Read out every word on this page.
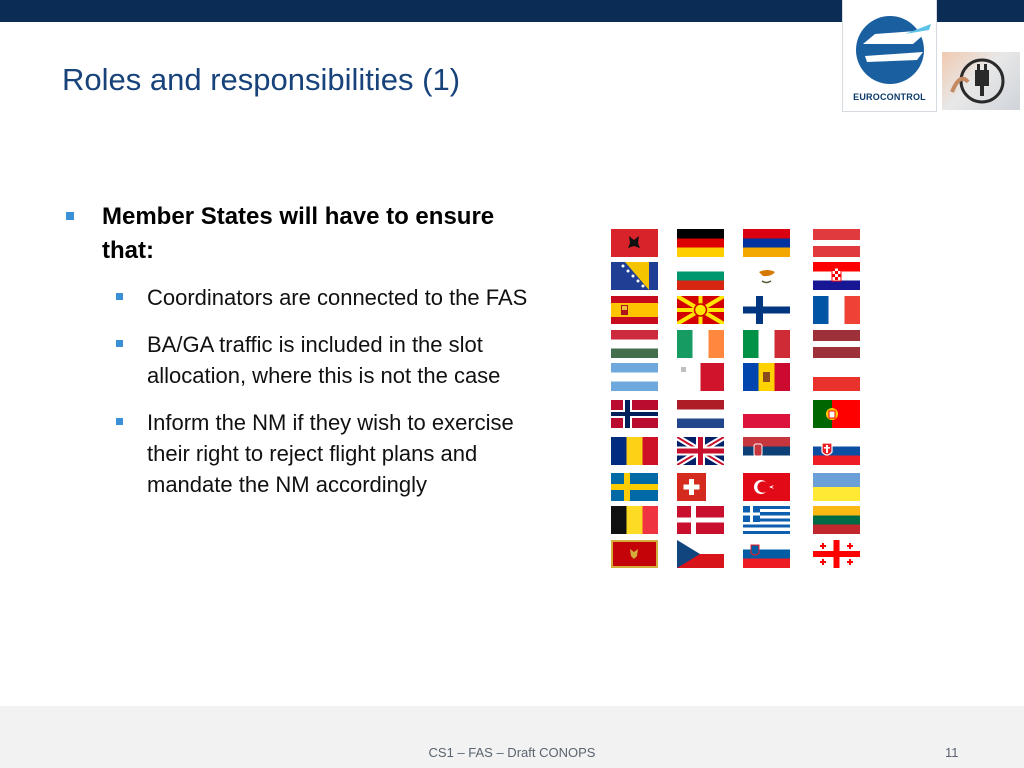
EUROCONTROL
Roles and responsibilities (1)
Member States will have to ensure that:
Coordinators are connected to the FAS
BA/GA traffic is included in the slot allocation, where this is not the case
Inform the NM if they wish to exercise their right to reject flight plans and mandate the NM accordingly
CS1 – FAS – Draft CONOPS	11
